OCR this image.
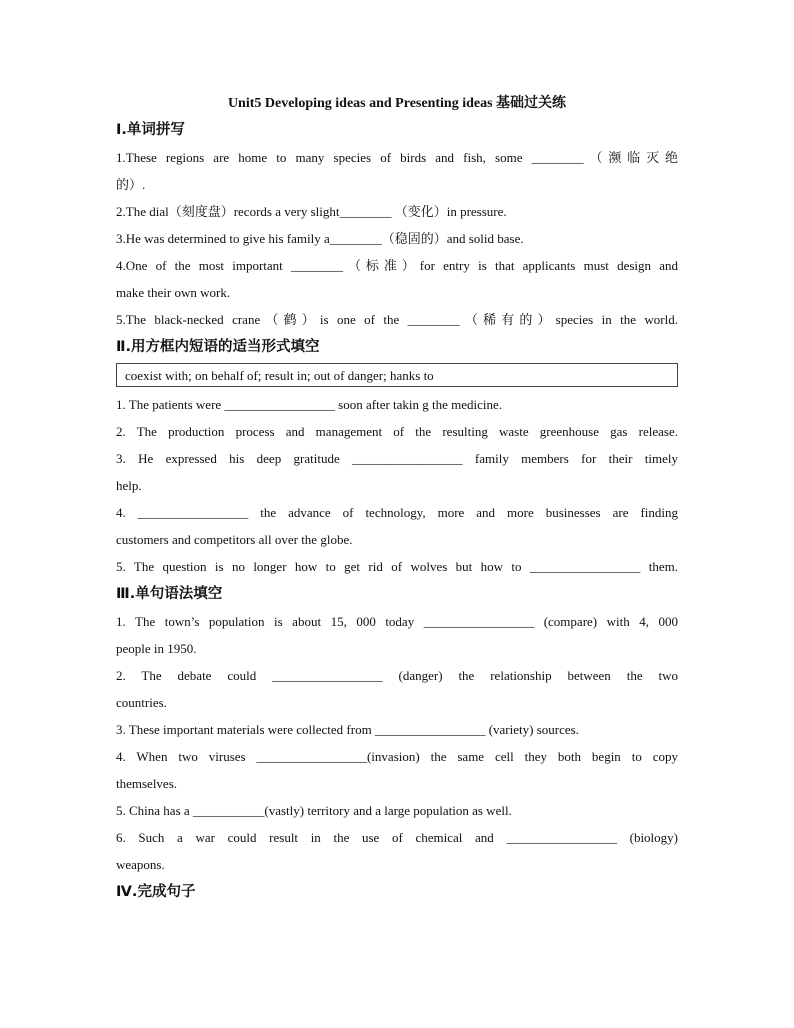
Unit5 Developing ideas and Presenting ideas 基础过关练
Ⅰ.单词拼写
1.These regions are home to many species of birds and fish, some ________（濒临灭绝
的）.
2.The dial（刻度盘）records a very slight________ （变化）in pressure.
3.He was determined to give his family a________（稳固的）and solid base.
4.One of the most important ________（标准）for entry is that applicants must design and
make their own work.
5.The black-necked crane（鹤）is one of the ________（稀有的）species in the world.
Ⅱ.用方框内短语的适当形式填空
coexist with; on behalf of; result in; out of danger; hanks to
1. The patients were _________________ soon after takin g the medicine.
2. The production process and management of the resulting waste greenhouse gas release.
3. He expressed his deep gratitude _________________ family members for their timely
help.
4. _________________ the advance of technology, more and more businesses are finding
customers and competitors all over the globe.
5. The question is no longer how to get rid of wolves but how to _________________ them.
Ⅲ.单句语法填空
1. The town’s population is about 15, 000 today _________________ (compare) with 4, 000
people in 1950.
2. The debate could _________________ (danger) the relationship between the two
countries.
3. These important materials were collected from _________________ (variety) sources.
4. When two viruses _________________(invasion) the same cell they both begin to copy
themselves.
5. China has a ___________(vastly) territory and a large population as well.
6. Such a war could result in the use of chemical and _________________ (biology)
weapons.
Ⅳ.完成句子
